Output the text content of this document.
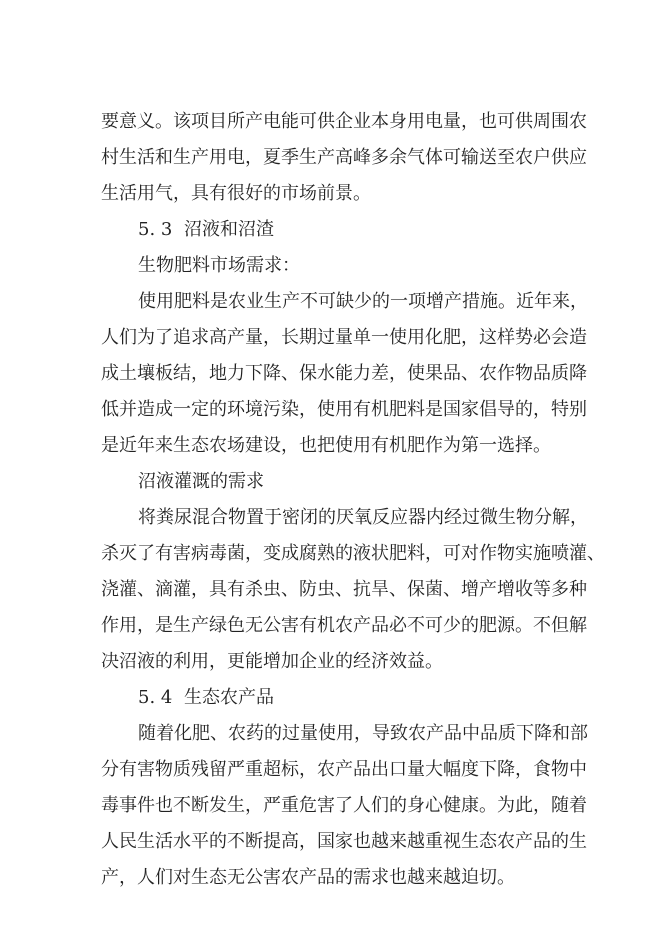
要意义。该项目所产电能可供企业本身用电量，也可供周围农
村生活和生产用电，夏季生产高峰多余气体可输送至农户供应
生活用气，具有很好的市场前景。
5. 3 沼液和沼渣
生物肥料市场需求：
使用肥料是农业生产不可缺少的一项增产措施。近年来，
人们为了追求高产量，长期过量单一使用化肥，这样势必会造
成土壤板结，地力下降、保水能力差，使果品、农作物品质降
低并造成一定的环境污染，使用有机肥料是国家倡导的，特别
是近年来生态农场建设，也把使用有机肥作为第一选择。
沼液灌溉的需求
将粪尿混合物置于密闭的厌氧反应器内经过微生物分解，
杀灭了有害病毒菌，变成腐熟的液状肥料，可对作物实施喷灌、
浇灌、滴灌，具有杀虫、防虫、抗旱、保菌、增产增收等多种
作用，是生产绿色无公害有机农产品必不可少的肥源。不但解
决沼液的利用，更能增加企业的经济效益。
5. 4 生态农产品
随着化肥、农药的过量使用，导致农产品中品质下降和部
分有害物质残留严重超标，农产品出口量大幅度下降，食物中
毒事件也不断发生，严重危害了人们的身心健康。为此，随着
人民生活水平的不断提高，国家也越来越重视生态农产品的生
产，人们对生态无公害农产品的需求也越来越迫切。
